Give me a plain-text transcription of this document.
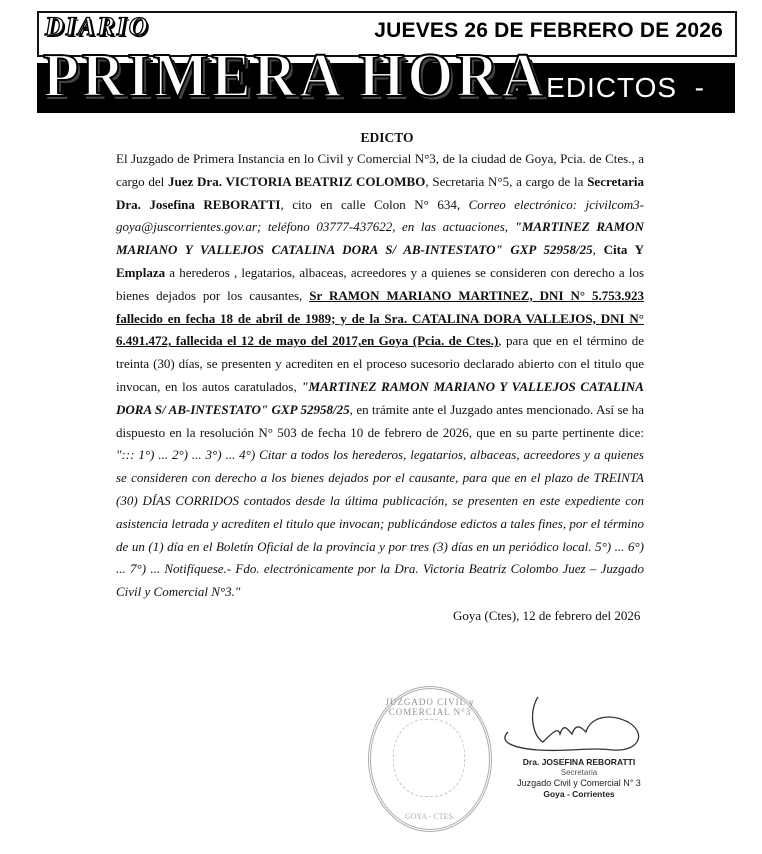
JUEVES 26 DE FEBRERO DE 2026
-   EDICTOS  -
DIARIO
PRIMERA HORA
EDICTO
El Juzgado de Primera Instancia en lo Civil y Comercial N°3, de la ciudad de Goya, Pcia. de Ctes., a cargo del Juez Dra. VICTORIA BEATRIZ COLOMBO, Secretaria N°5, a cargo de la Secretaria Dra. Josefina REBORATTI, cito en calle Colon N° 634, Correo electrónico: jcivilcom3-goya@juscorrientes.gov.ar; teléfono 03777-437622, en las actuaciones, "MARTINEZ RAMON MARIANO Y VALLEJOS CATALINA DORA S/ AB-INTESTATO" GXP 52958/25, Cita Y Emplaza a herederos , legatarios, albaceas, acreedores y a quienes se consideren con derecho a los bienes dejados por los causantes, Sr RAMON MARIANO MARTINEZ, DNI N° 5.753.923 fallecido en fecha 18 de abril de 1989; y de la Sra. CATALINA DORA VALLEJOS, DNI N° 6.491.472, fallecida el 12 de mayo del 2017,en Goya (Pcia. de Ctes.), para que en el término de treinta (30) días, se presenten y acrediten en el proceso sucesorio declarado abierto con el titulo que invocan, en los autos caratulados, "MARTINEZ RAMON MARIANO Y VALLEJOS CATALINA DORA S/ AB-INTESTATO" GXP 52958/25, en trámite ante el Juzgado antes mencionado. Así se ha dispuesto en la resolución N° 503 de fecha 10 de febrero de 2026, que en su parte pertinente dice: "::: 1°) ... 2°) ... 3°) ... 4°) Citar a todos los herederos, legatarios, albaceas, acreedores y a quienes se consideren con derecho a los bienes dejados por el causante, para que en el plazo de TREINTA (30) DÍAS CORRIDOS contados desde la última publicación, se presenten en este expediente con asistencia letrada y acrediten el titulo que invocan; publicándose edictos a tales fines, por el término de un (1) día en el Boletín Oficial de la provincia y por tres (3) días en un periódico local. 5°) ... 6°) ... 7°) ... Notifíquese.- Fdo. electrónicamente por la Dra. Victoria Beatriz Colombo Juez – Juzgado Civil y Comercial N°3."
Goya (Ctes), 12 de febrero del 2026
JUZGADO CIVIL y COMERCIAL N°3
GOYA - CTES.
Dra. JOSEFINA REBORATTI
Secretaria
Juzgado Civil y Comercial N° 3
Goya - Corrientes
